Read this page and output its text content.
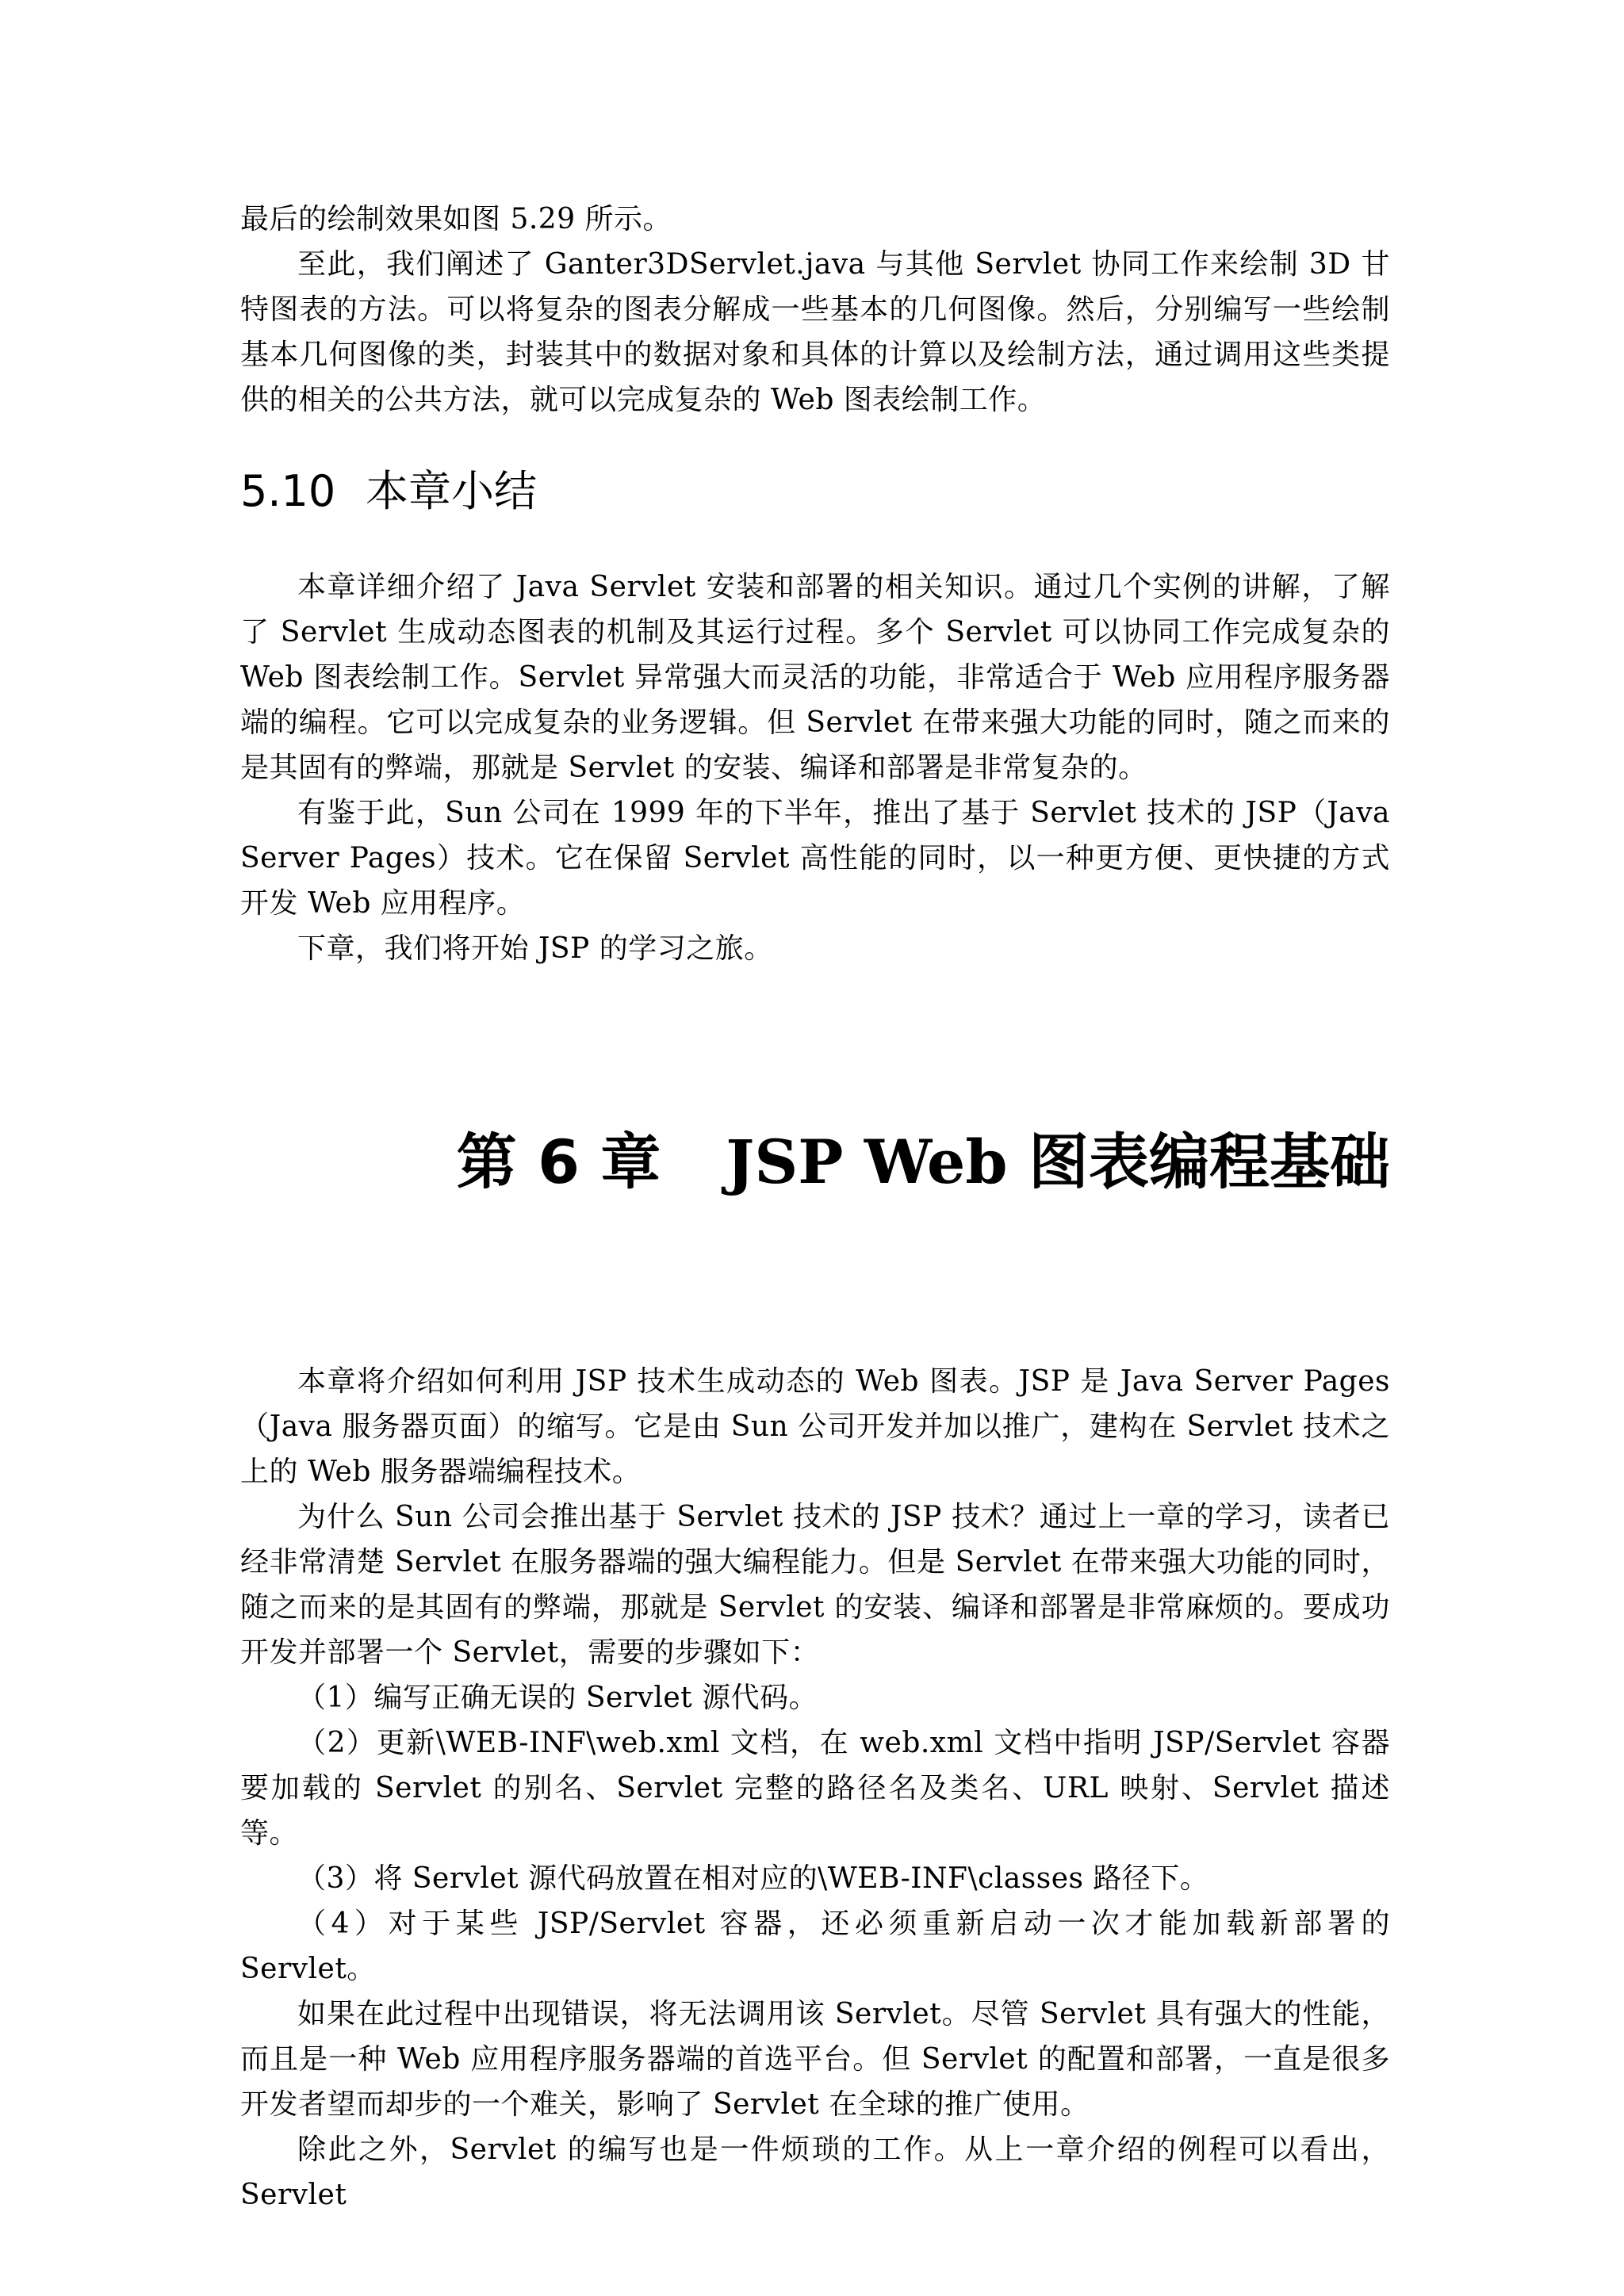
最后的绘制效果如图 5.29 所示。

至此，我们阐述了 Ganter3DServlet.java 与其他 Servlet 协同工作来绘制 3D 甘特图表的方法。可以将复杂的图表分解成一些基本的几何图像。然后，分别编写一些绘制基本几何图像的类，封装其中的数据对象和具体的计算以及绘制方法，通过调用这些类提供的相关的公共方法，就可以完成复杂的 Web 图表绘制工作。

5.10 本章小结

本章详细介绍了 Java Servlet 安装和部署的相关知识。通过几个实例的讲解，了解了 Servlet 生成动态图表的机制及其运行过程。多个 Servlet 可以协同工作完成复杂的 Web 图表绘制工作。Servlet 异常强大而灵活的功能，非常适合于 Web 应用程序服务器端的编程。它可以完成复杂的业务逻辑。但 Servlet 在带来强大功能的同时，随之而来的是其固有的弊端，那就是 Servlet 的安装、编译和部署是非常复杂的。

有鉴于此，Sun 公司在 1999 年的下半年，推出了基于 Servlet 技术的 JSP（Java Server Pages）技术。它在保留 Servlet 高性能的同时，以一种更方便、更快捷的方式开发 Web 应用程序。

下章，我们将开始 JSP 的学习之旅。

第 6 章 JSP Web 图表编程基础

本章将介绍如何利用 JSP 技术生成动态的 Web 图表。JSP 是 Java Server Pages（Java 服务器页面）的缩写。它是由 Sun 公司开发并加以推广，建构在 Servlet 技术之上的 Web 服务器端编程技术。

为什么 Sun 公司会推出基于 Servlet 技术的 JSP 技术？通过上一章的学习，读者已经非常清楚 Servlet 在服务器端的强大编程能力。但是 Servlet 在带来强大功能的同时，随之而来的是其固有的弊端，那就是 Servlet 的安装、编译和部署是非常麻烦的。要成功开发并部署一个 Servlet，需要的步骤如下：

（1）编写正确无误的 Servlet 源代码。

（2）更新\WEB-INF\web.xml 文档，在 web.xml 文档中指明 JSP/Servlet 容器要加载的 Servlet 的别名、Servlet 完整的路径名及类名、URL 映射、Servlet 描述等。

（3）将 Servlet 源代码放置在相对应的\WEB-INF\classes 路径下。

（4）对于某些 JSP/Servlet 容器，还必须重新启动一次才能加载新部署的 Servlet。

如果在此过程中出现错误，将无法调用该 Servlet。尽管 Servlet 具有强大的性能，而且是一种 Web 应用程序服务器端的首选平台。但 Servlet 的配置和部署，一直是很多开发者望而却步的一个难关，影响了 Servlet 在全球的推广使用。

除此之外，Servlet 的编写也是一件烦琐的工作。从上一章介绍的例程可以看出，Servlet
